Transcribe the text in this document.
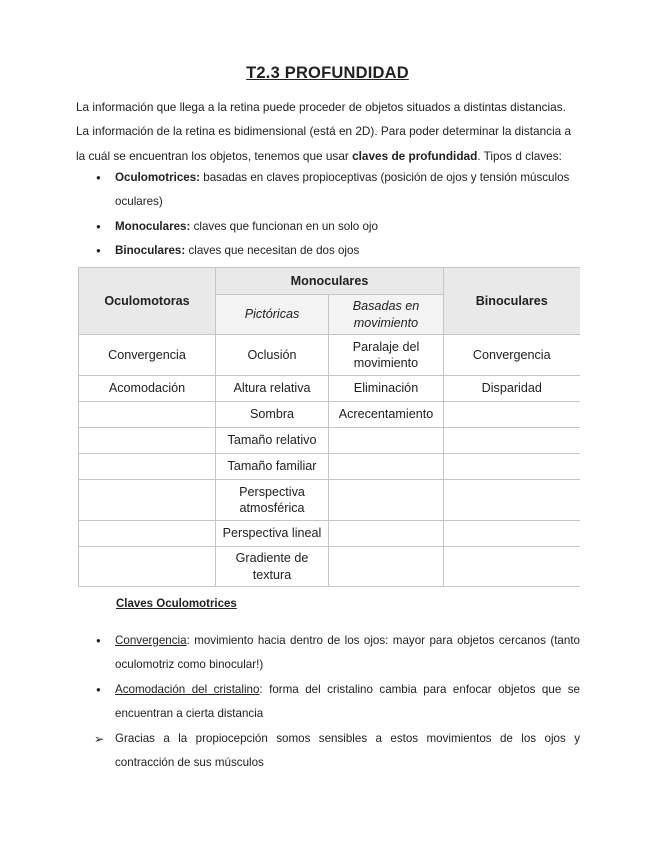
T2.3 PROFUNDIDAD
La información que llega a la retina puede proceder de objetos situados a distintas distancias.
La información de la retina es bidimensional (está en 2D). Para poder determinar la distancia a
la cuál se encuentran los objetos, tenemos que usar claves de profundidad. Tipos d claves:
● Oculomotrices: basadas en claves propioceptivas (posición de ojos y tensión músculos oculares)
● Monoculares: claves que funcionan en un solo ojo
● Binoculares: claves que necesitan de dos ojos
Oculomotoras	Monoculares		Binoculares
	Pictóricas	Basadas en movimiento	
Convergencia	Oclusión	Paralaje del movimiento	Convergencia
Acomodación	Altura relativa	Eliminación	Disparidad
	Sombra	Acrecentamiento	
	Tamaño relativo		
	Tamaño familiar		
	Perspectiva atmosférica		
	Perspectiva lineal		
	Gradiente de textura		
Claves Oculomotrices
● Convergencia: movimiento hacia dentro de los ojos: mayor para objetos cercanos (tanto oculomotriz como binocular!)
● Acomodación del cristalino: forma del cristalino cambia para enfocar objetos que se encuentran a cierta distancia
➢ Gracias a la propiocepción somos sensibles a estos movimientos de los ojos y contracción de sus músculos
